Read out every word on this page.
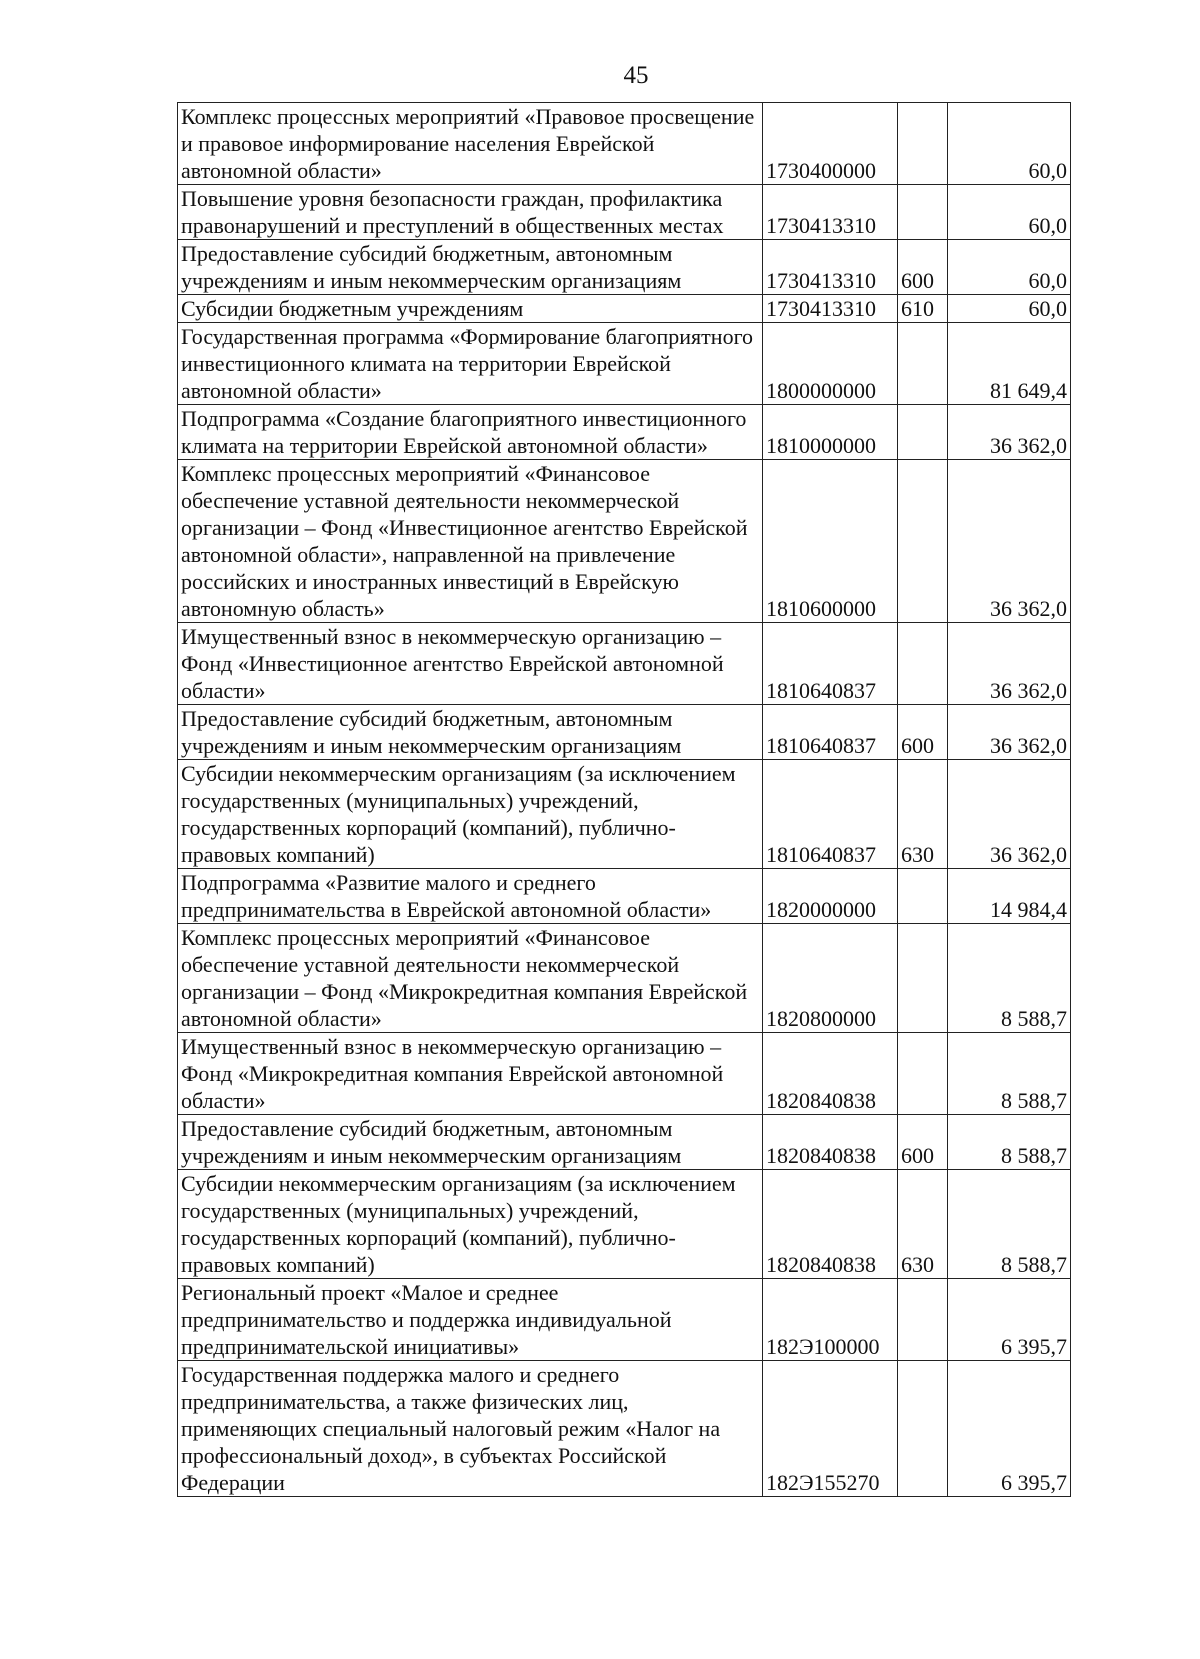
45
Комплекс процессных мероприятий «Правовое просвещение и правовое информирование населения Еврейской автономной области»	1730400000		60,0
Повышение уровня безопасности граждан, профилактика правонарушений и преступлений в общественных местах	1730413310		60,0
Предоставление субсидий бюджетным, автономным учреждениям и иным некоммерческим организациям	1730413310	600	60,0
Субсидии бюджетным учреждениям	1730413310	610	60,0
Государственная программа «Формирование благоприятного инвестиционного климата на территории Еврейской автономной области»	1800000000		81 649,4
Подпрограмма «Создание благоприятного инвестиционного климата на территории Еврейской автономной области»	1810000000		36 362,0
Комплекс процессных мероприятий «Финансовое обеспечение уставной деятельности некоммерческой организации – Фонд «Инвестиционное агентство Еврейской автономной области», направленной на привлечение российских и иностранных инвестиций в Еврейскую автономную область»	1810600000		36 362,0
Имущественный взнос в некоммерческую организацию – Фонд «Инвестиционное агентство Еврейской автономной области»	1810640837		36 362,0
Предоставление субсидий бюджетным, автономным учреждениям и иным некоммерческим организациям	1810640837	600	36 362,0
Субсидии некоммерческим организациям (за исключением государственных (муниципальных) учреждений, государственных корпораций (компаний), публично-правовых компаний)	1810640837	630	36 362,0
Подпрограмма «Развитие малого и среднего предпринимательства в Еврейской автономной области»	1820000000		14 984,4
Комплекс процессных мероприятий «Финансовое обеспечение уставной деятельности некоммерческой организации – Фонд «Микрокредитная компания Еврейской автономной области»	1820800000		8 588,7
Имущественный взнос в некоммерческую организацию – Фонд «Микрокредитная компания Еврейской автономной области»	1820840838		8 588,7
Предоставление субсидий бюджетным, автономным учреждениям и иным некоммерческим организациям	1820840838	600	8 588,7
Субсидии некоммерческим организациям (за исключением государственных (муниципальных) учреждений, государственных корпораций (компаний), публично-правовых компаний)	1820840838	630	8 588,7
Региональный проект «Малое и среднее предпринимательство и поддержка индивидуальной предпринимательской инициативы»	182Э100000		6 395,7
Государственная поддержка малого и среднего предпринимательства, а также физических лиц, применяющих специальный налоговый режим «Налог на профессиональный доход», в субъектах Российской Федерации	182Э155270		6 395,7
